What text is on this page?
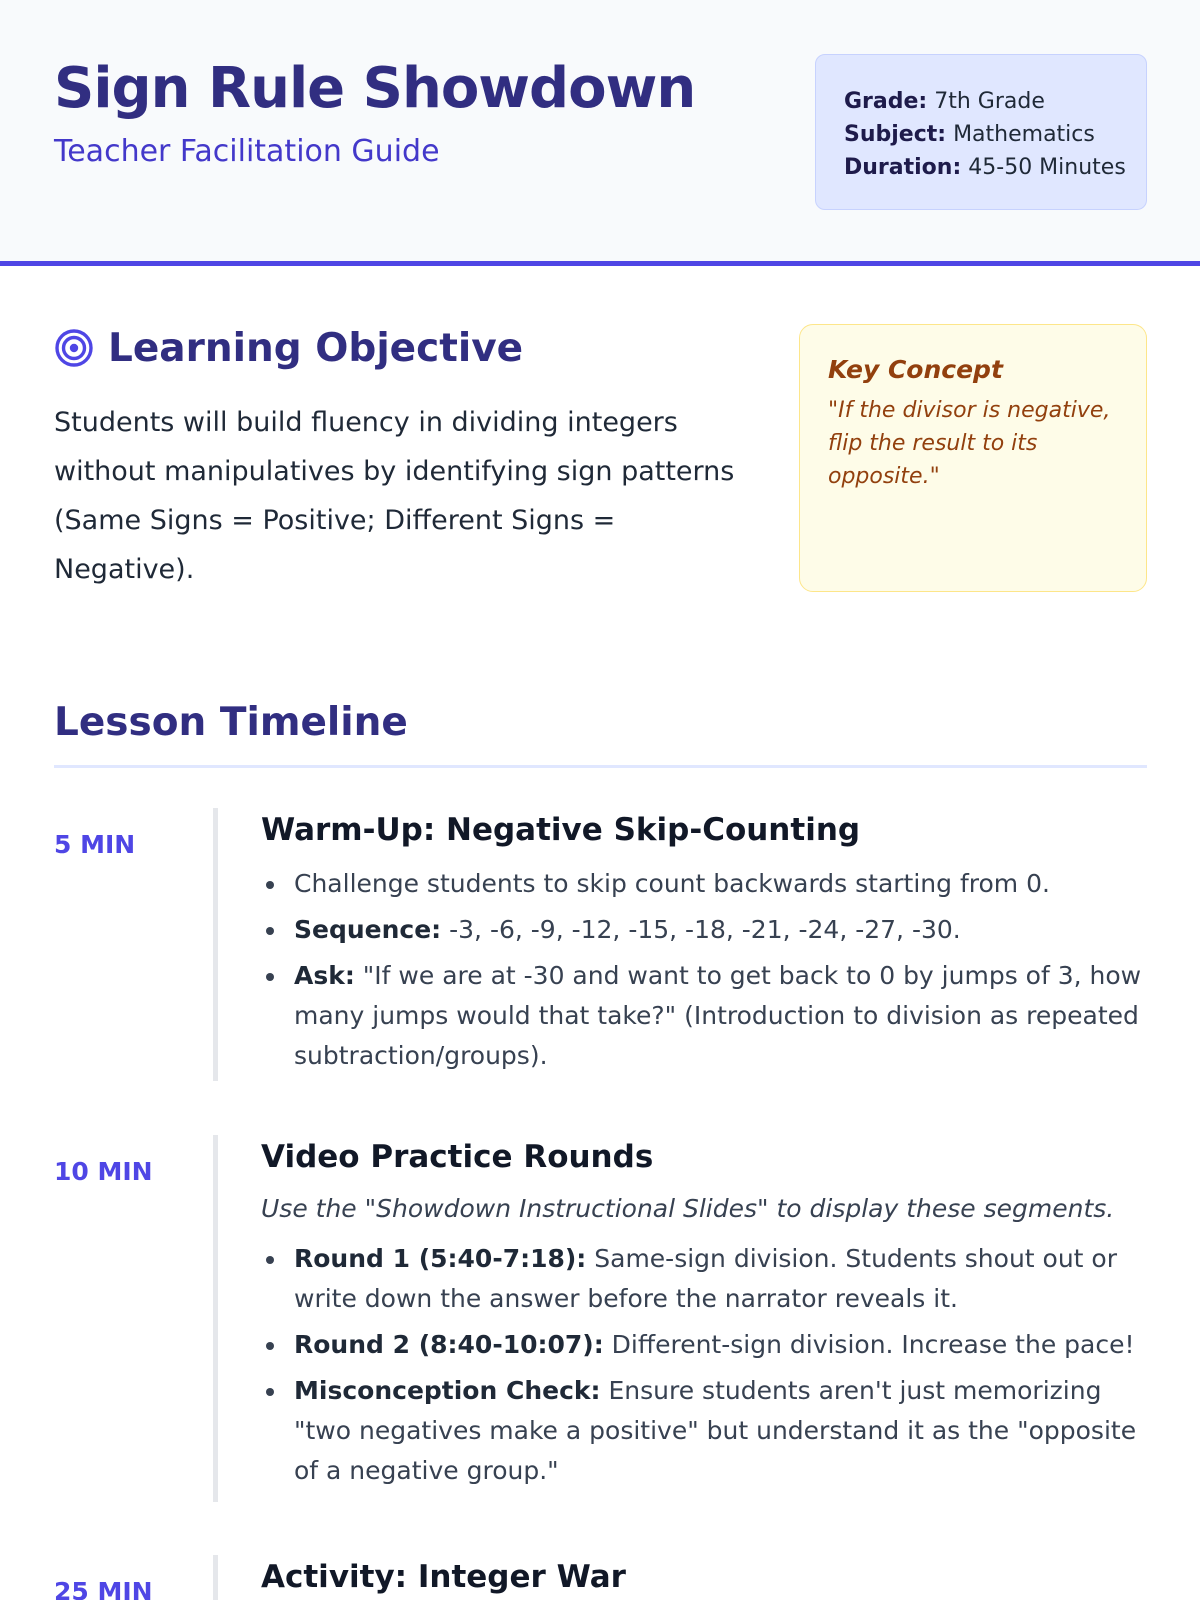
Sign Rule Showdown
Teacher Facilitation Guide
Grade: 7th Grade
Subject: Mathematics
Duration: 45-50 Minutes
Learning Objective

Students will build fluency in dividing integers without manipulatives by identifying sign patterns (Same Signs = Positive; Different Signs = Negative).

Key Concept
"If the divisor is negative, flip the result to its opposite."
Lesson Timeline
5 MIN	Warm-Up: Negative Skip-Counting
Challenge students to skip count backwards starting from 0.
Sequence: -3, -6, -9, -12, -15, -18, -21, -24, -27, -30.
Ask: "If we are at -30 and want to get back to 0 by jumps of 3, how many jumps would that take?" (Introduction to division as repeated subtraction/groups).
10 MIN	Video Practice Rounds

Use the "Showdown Instructional Slides" to display these segments.

Round 1 (5:40-7:18): Same-sign division. Students shout out or write down the answer before the narrator reveals it.
Round 2 (8:40-10:07): Different-sign division. Increase the pace!
Misconception Check: Ensure students aren't just memorizing "two negatives make a positive" but understand it as the "opposite of a negative group."
25 MIN	Activity: Integer War
